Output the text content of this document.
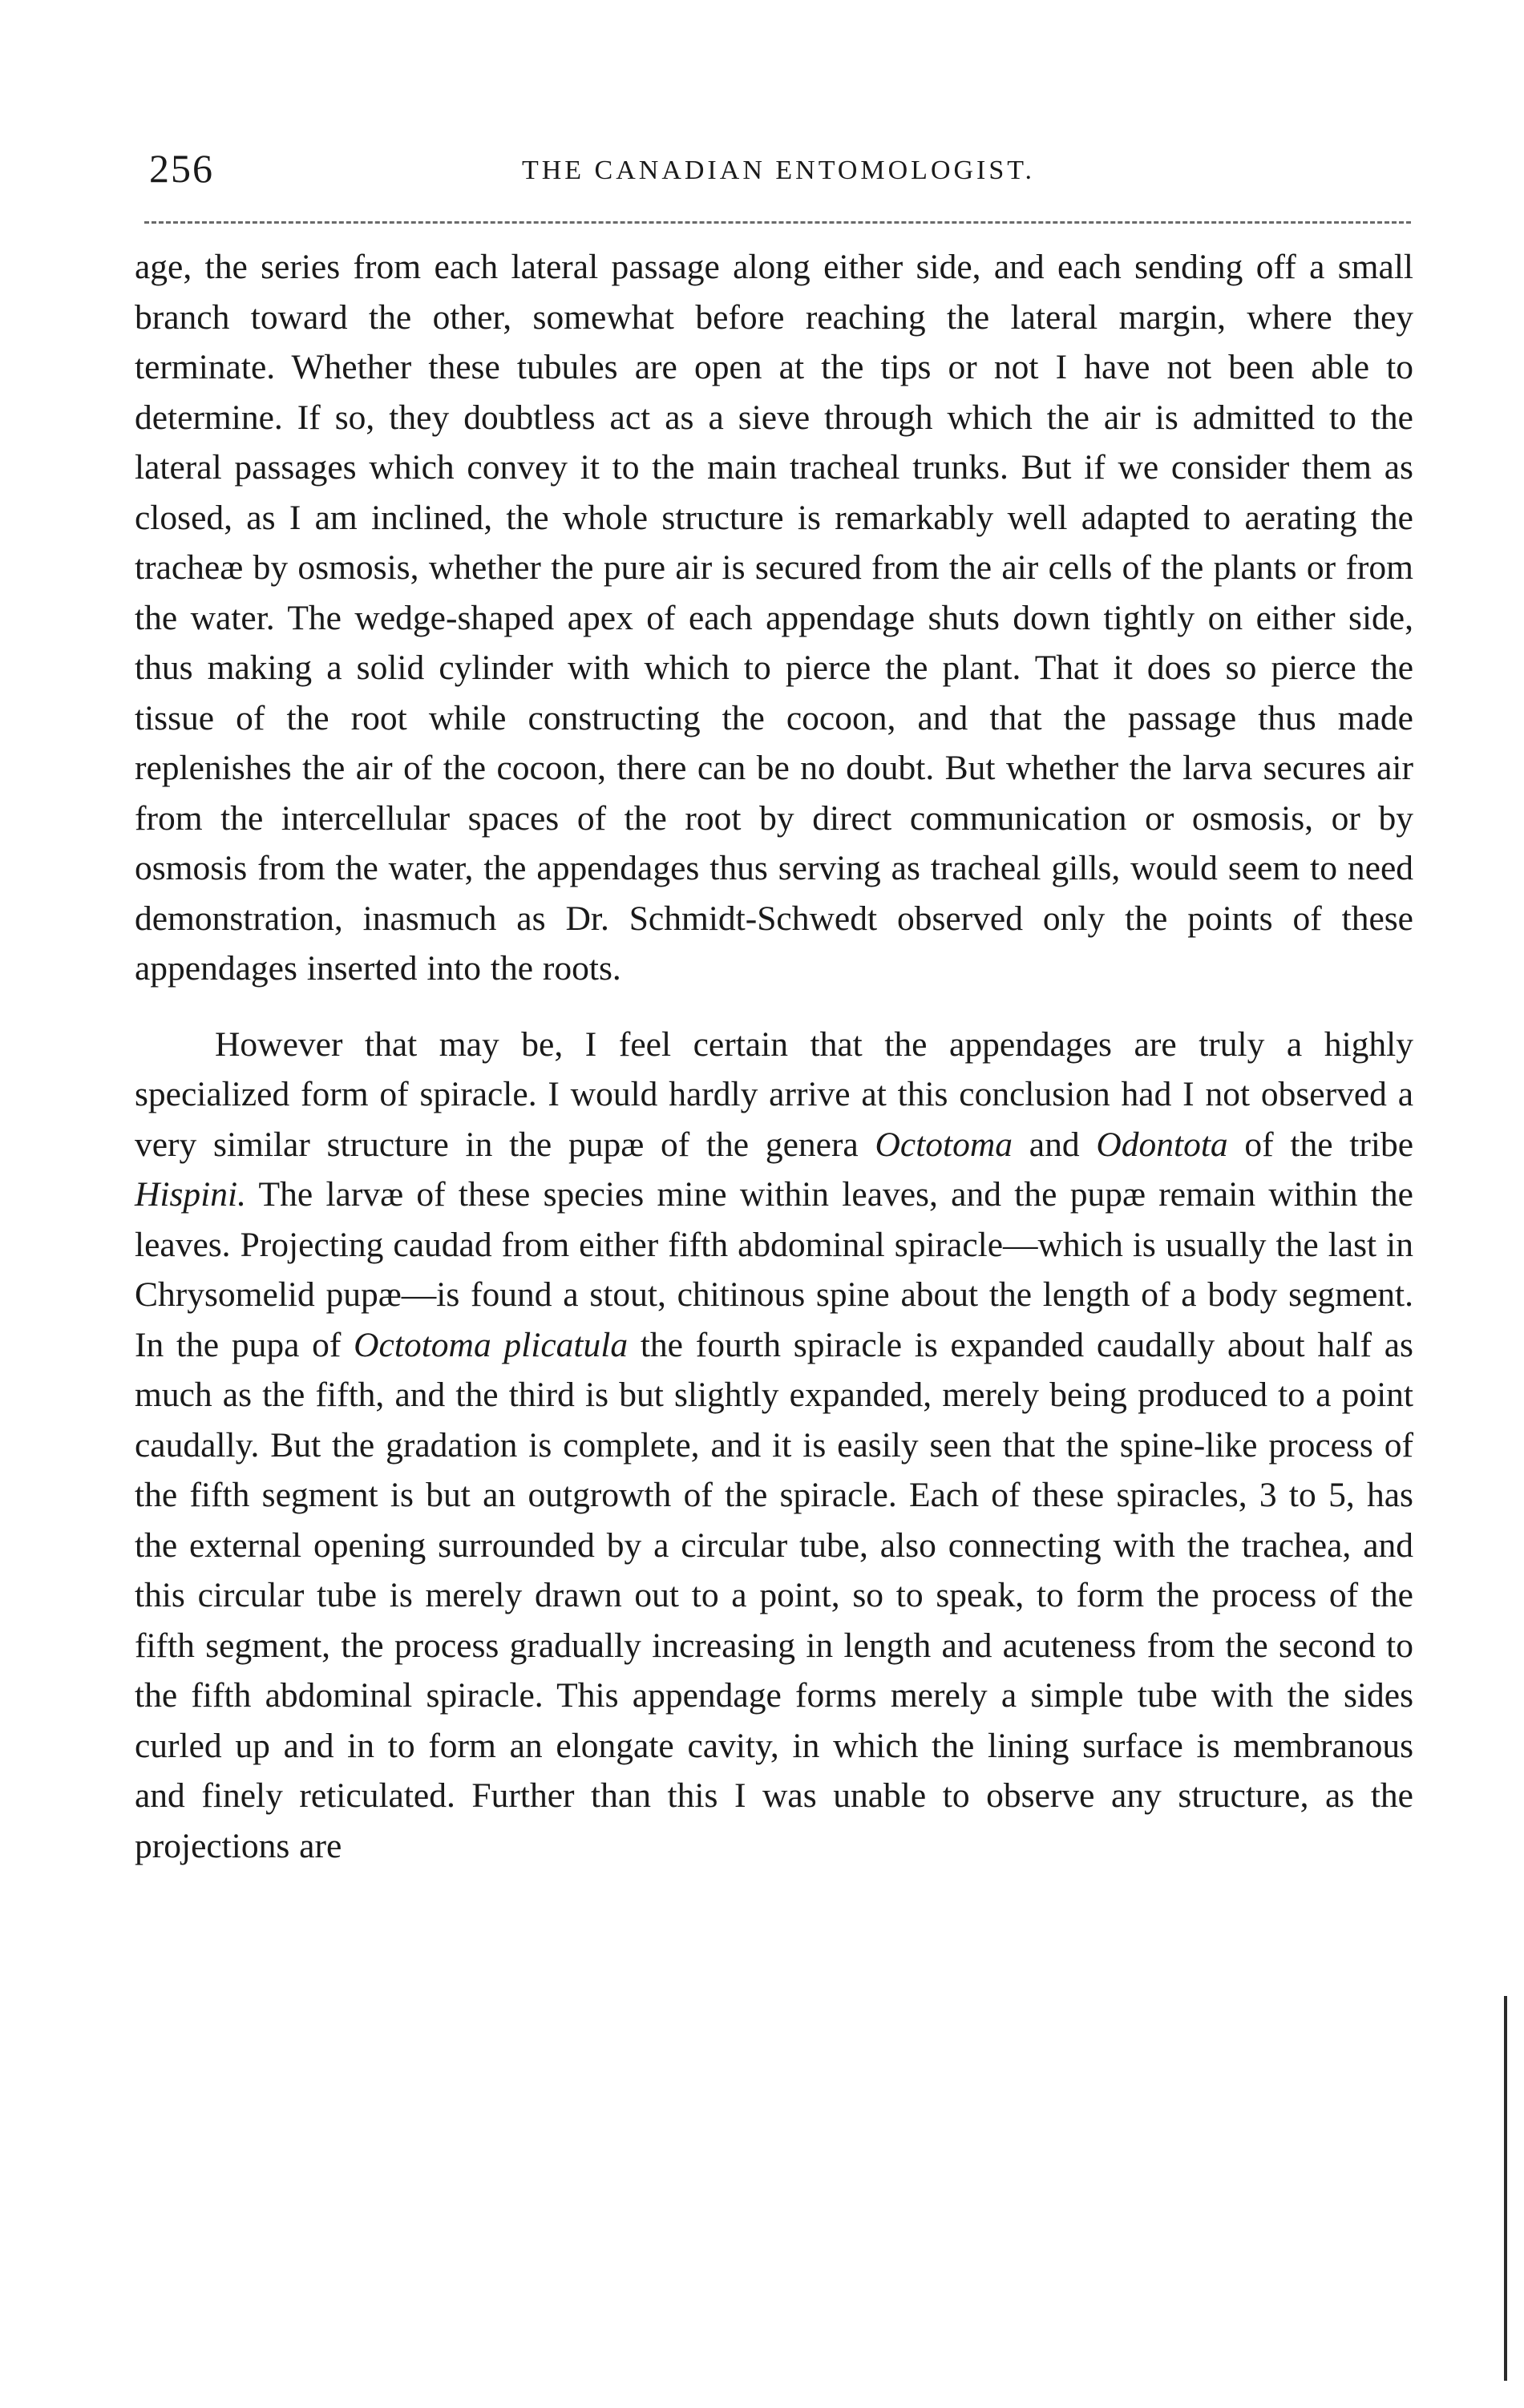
256	THE CANADIAN ENTOMOLOGIST.

age, the series from each lateral passage along either side, and each sending off a small branch toward the other, somewhat before reaching the lateral margin, where they terminate. Whether these tubules are open at the tips or not I have not been able to determine. If so, they doubtless act as a sieve through which the air is admitted to the lateral passages which convey it to the main tracheal trunks. But if we consider them as closed, as I am inclined, the whole structure is remarkably well adapted to aerating the tracheæ by osmosis, whether the pure air is secured from the air cells of the plants or from the water. The wedge-shaped apex of each appendage shuts down tightly on either side, thus making a solid cylinder with which to pierce the plant. That it does so pierce the tissue of the root while constructing the cocoon, and that the passage thus made replenishes the air of the cocoon, there can be no doubt. But whether the larva secures air from the intercellular spaces of the root by direct communication or osmosis, or by osmosis from the water, the appendages thus serving as tracheal gills, would seem to need demonstration, inasmuch as Dr. Schmidt-Schwedt observed only the points of these appendages inserted into the roots.

However that may be, I feel certain that the appendages are truly a highly specialized form of spiracle. I would hardly arrive at this conclusion had I not observed a very similar structure in the pupæ of the genera Octotoma and Odontota of the tribe Hispini. The larvæ of these species mine within leaves, and the pupæ remain within the leaves. Projecting caudad from either fifth abdominal spiracle—which is usually the last in Chrysomelid pupæ—is found a stout, chitinous spine about the length of a body segment. In the pupa of Octotoma plicatula the fourth spiracle is expanded caudally about half as much as the fifth, and the third is but slightly expanded, merely being produced to a point caudally. But the gradation is complete, and it is easily seen that the spine-like process of the fifth segment is but an outgrowth of the spiracle. Each of these spiracles, 3 to 5, has the external opening surrounded by a circular tube, also connecting with the trachea, and this circular tube is merely drawn out to a point, so to speak, to form the process of the fifth segment, the process gradually increasing in length and acuteness from the second to the fifth abdominal spiracle. This appendage forms merely a simple tube with the sides curled up and in to form an elongate cavity, in which the lining surface is membranous and finely reticulated. Further than this I was unable to observe any structure, as the projections are
